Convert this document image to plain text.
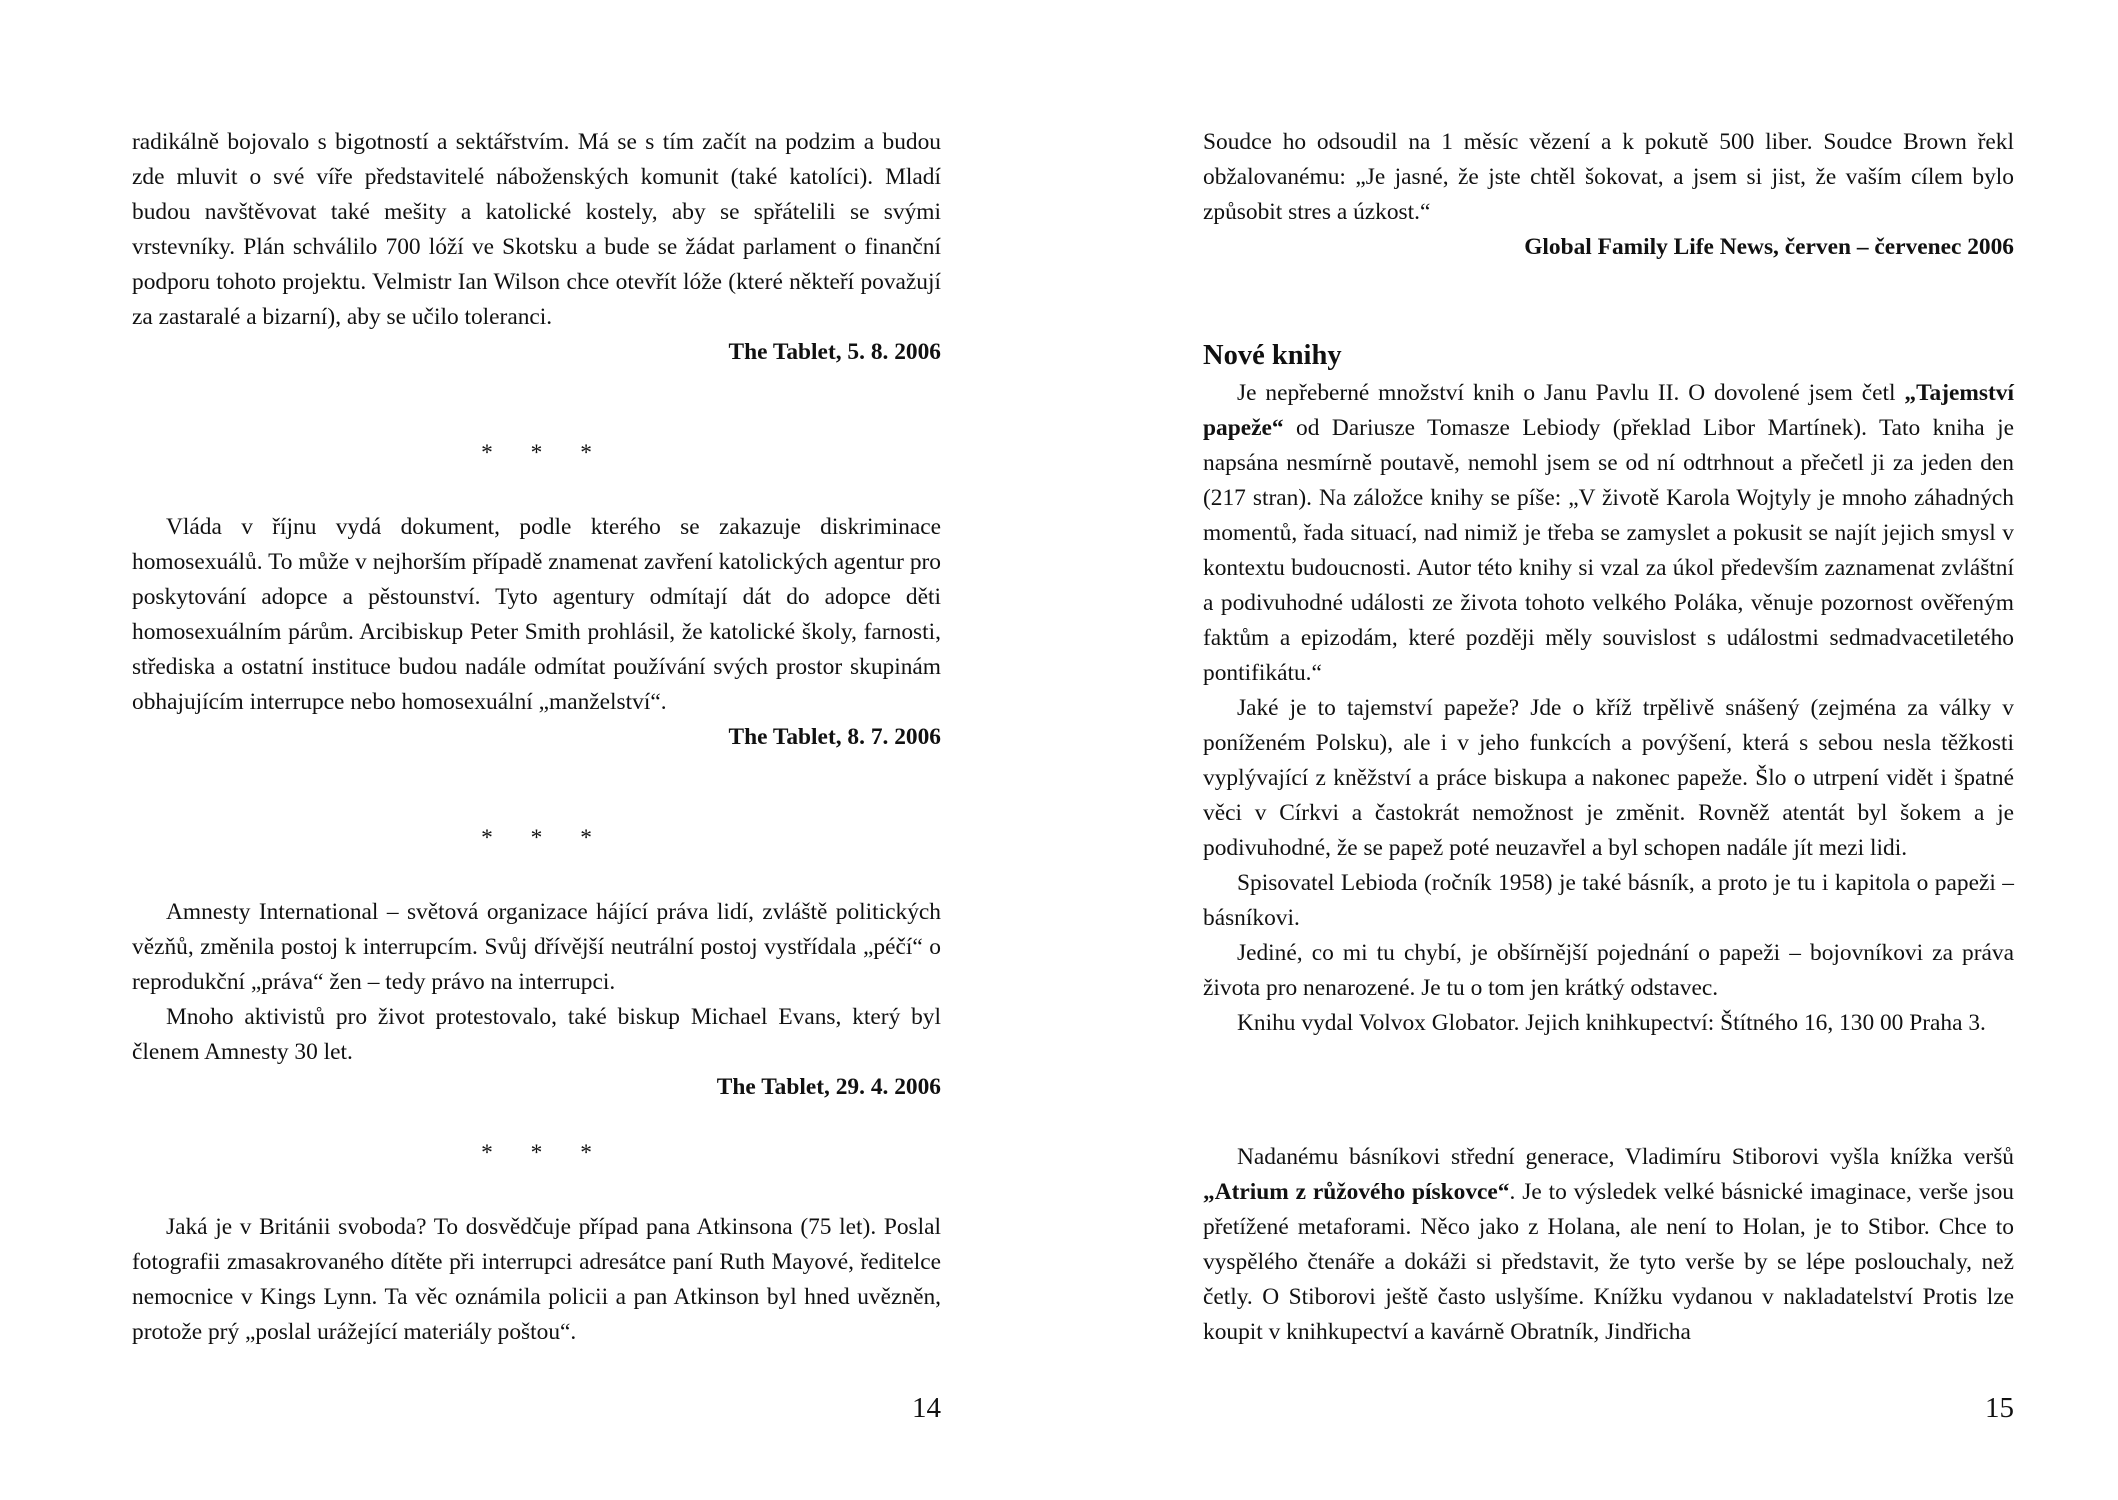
radikálně bojovalo s bigotností a sektářstvím. Má se s tím začít na podzim a budou zde mluvit o své víře představitelé náboženských komunit (také katolíci). Mladí budou navštěvovat také mešity a katolické kostely, aby se spřátelili se svými vrstevníky. Plán schválilo 700 lóží ve Skotsku a bude se žádat parlament o finanční podporu tohoto projektu. Velmistr Ian Wilson chce otevřít lóže (které někteří považují za zastaralé a bizarní), aby se učilo toleranci.

The Tablet, 5. 8. 2006
* * *

Vláda v říjnu vydá dokument, podle kterého se zakazuje diskriminace homosexuálů. To může v nejhorším případě znamenat zavření katolických agentur pro poskytování adopce a pěstounství. Tyto agentury odmítají dát do adopce děti homosexuálním párům. Arcibiskup Peter Smith prohlásil, že katolické školy, farnosti, střediska a ostatní instituce budou nadále odmítat používání svých prostor skupinám obhajujícím interrupce nebo homosexuální „manželství“.

The Tablet, 8. 7. 2006
* * *

Amnesty International – světová organizace hájící práva lidí, zvláště politických vězňů, změnila postoj k interrupcím. Svůj dřívější neutrální postoj vystřídala „péčí“ o reprodukční „práva“ žen – tedy právo na interrupci.

Mnoho aktivistů pro život protestovalo, také biskup Michael Evans, který byl členem Amnesty 30 let.

The Tablet, 29. 4. 2006
* * *

Jaká je v Británii svoboda? To dosvědčuje případ pana Atkinsona (75 let). Poslal fotografii zmasakrovaného dítěte při interrupci adresátce paní Ruth Mayové, ředitelce nemocnice v Kings Lynn. Ta věc oznámila policii a pan Atkinson byl hned uvězněn, protože prý „poslal urážející materiály poštou“.

14

Soudce ho odsoudil na 1 měsíc vězení a k pokutě 500 liber. Soudce Brown řekl obžalovanému: „Je jasné, že jste chtěl šokovat, a jsem si jist, že vaším cílem bylo způsobit stres a úzkost.“

Global Family Life News, červen – červenec 2006
Nové knihy

Je nepřeberné množství knih o Janu Pavlu II. O dovolené jsem četl „Tajemství papeže“ od Dariusze Tomasze Lebiody (překlad Libor Martínek). Tato kniha je napsána nesmírně poutavě, nemohl jsem se od ní odtrhnout a přečetl ji za jeden den (217 stran). Na záložce knihy se píše: „V životě Karola Wojtyly je mnoho záhadných momentů, řada situací, nad nimiž je třeba se zamyslet a pokusit se najít jejich smysl v kontextu budoucnosti. Autor této knihy si vzal za úkol především zaznamenat zvláštní a podivuhodné události ze života tohoto velkého Poláka, věnuje pozornost ověřeným faktům a epizodám, které později měly souvislost s událostmi sedmadvacetiletého pontifikátu.“

Jaké je to tajemství papeže? Jde o kříž trpělivě snášený (zejména za války v poníženém Polsku), ale i v jeho funkcích a povýšení, která s sebou nesla těžkosti vyplývající z kněžství a práce biskupa a nakonec papeže. Šlo o utrpení vidět i špatné věci v Církvi a častokrát nemožnost je změnit. Rovněž atentát byl šokem a je podivuhodné, že se papež poté neuzavřel a byl schopen nadále jít mezi lidi.

Spisovatel Lebioda (ročník 1958) je také básník, a proto je tu i kapitola o papeži – básníkovi.

Jediné, co mi tu chybí, je obšírnější pojednání o papeži – bojovníkovi za práva života pro nenarozené. Je tu o tom jen krátký odstavec.

Knihu vydal Volvox Globator. Jejich knihkupectví: Štítného 16, 130 00 Praha 3.

Nadanému básníkovi střední generace, Vladimíru Stiborovi vyšla knížka veršů „Atrium z růžového pískovce“. Je to výsledek velké básnické imaginace, verše jsou přetížené metaforami. Něco jako z Holana, ale není to Holan, je to Stibor. Chce to vyspělého čtenáře a dokáži si představit, že tyto verše by se lépe poslouchaly, než četly. O Stiborovi ještě často uslyšíme. Knížku vydanou v nakladatelství Protis lze koupit v knihkupectví a kavárně Obratník, Jindřicha

15
